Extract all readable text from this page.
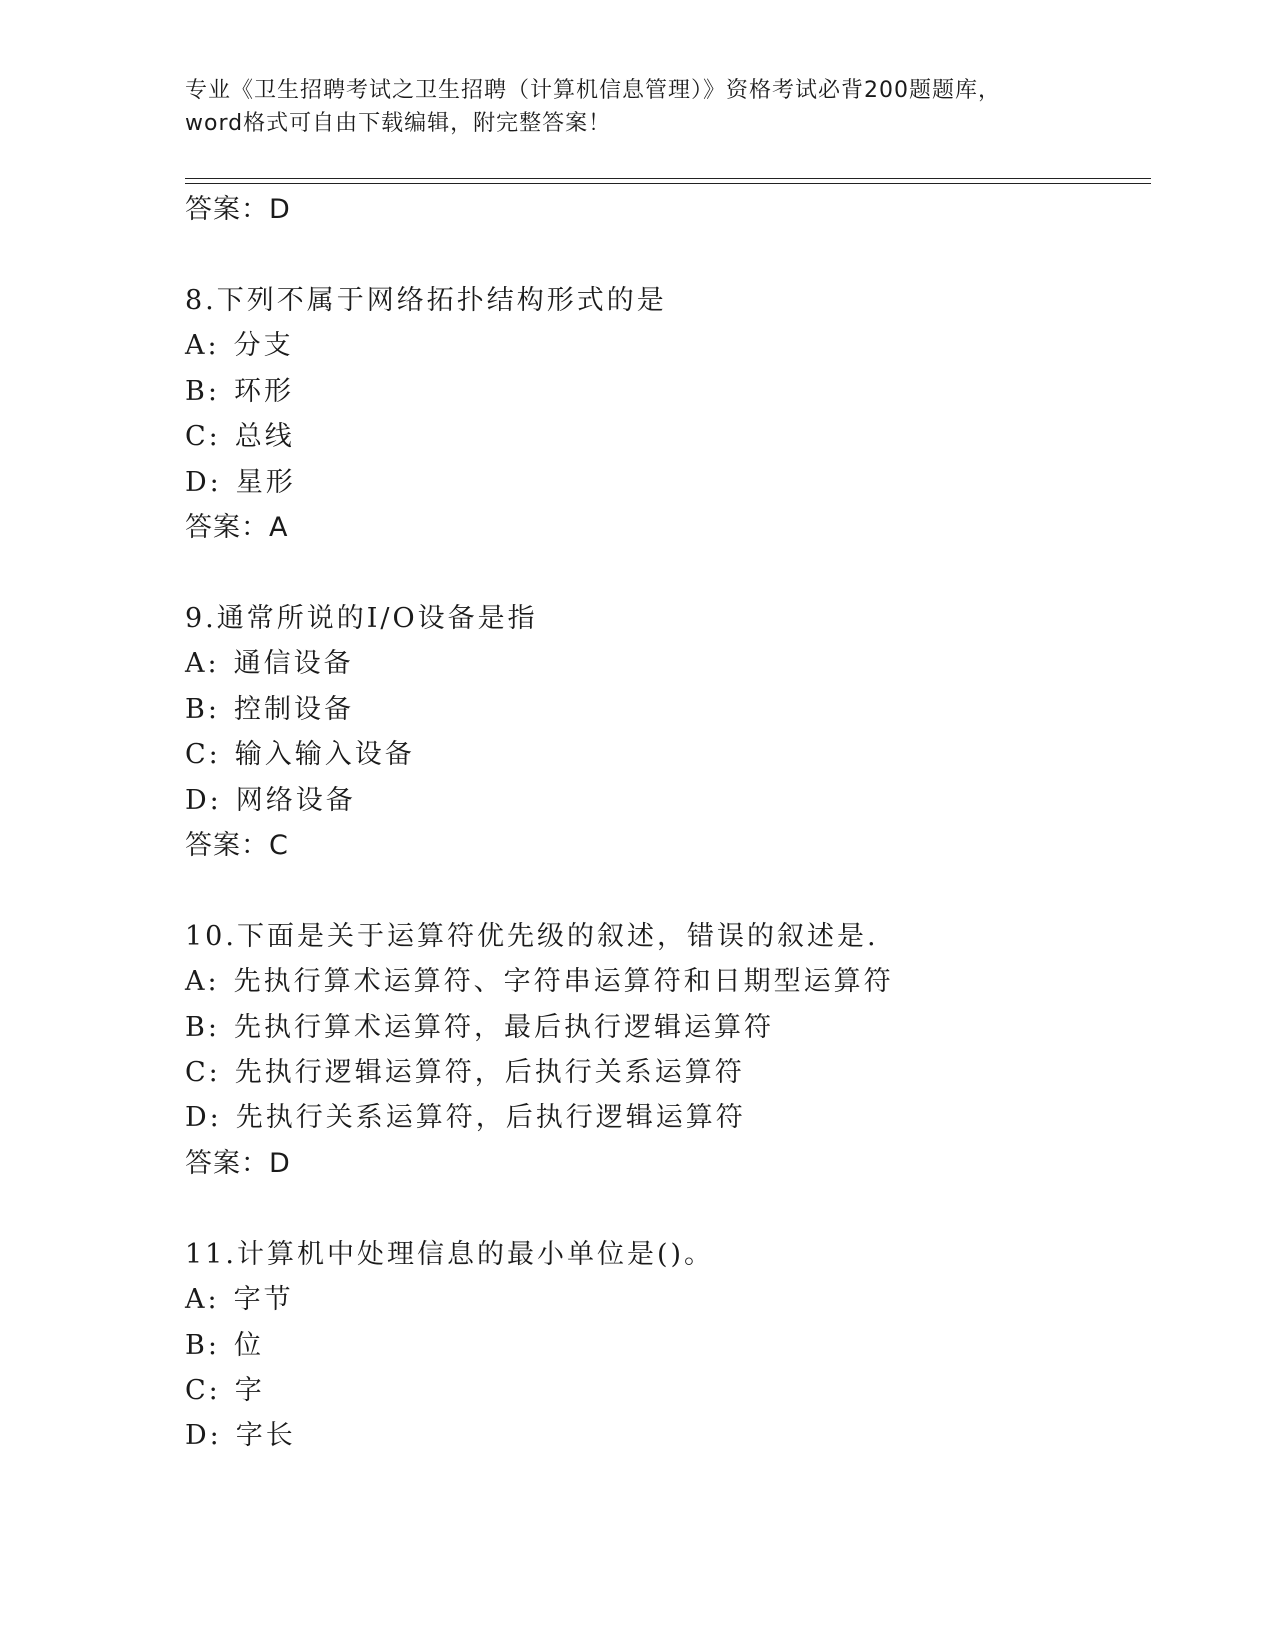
专业《卫生招聘考试之卫生招聘（计算机信息管理）》资格考试必背200题题库，
word格式可自由下载编辑，附完整答案！
答案：D
8.下列不属于网络拓扑结构形式的是
A: 分支
B: 环形
C: 总线
D: 星形
答案：A
9.通常所说的I/O设备是指
A: 通信设备
B: 控制设备
C: 输入输入设备
D: 网络设备
答案：C
10.下面是关于运算符优先级的叙述，错误的叙述是.
A: 先执行算术运算符、字符串运算符和日期型运算符
B: 先执行算术运算符，最后执行逻辑运算符
C: 先执行逻辑运算符，后执行关系运算符
D: 先执行关系运算符，后执行逻辑运算符
答案：D
11.计算机中处理信息的最小单位是()。
A: 字节
B: 位
C: 字
D: 字长
